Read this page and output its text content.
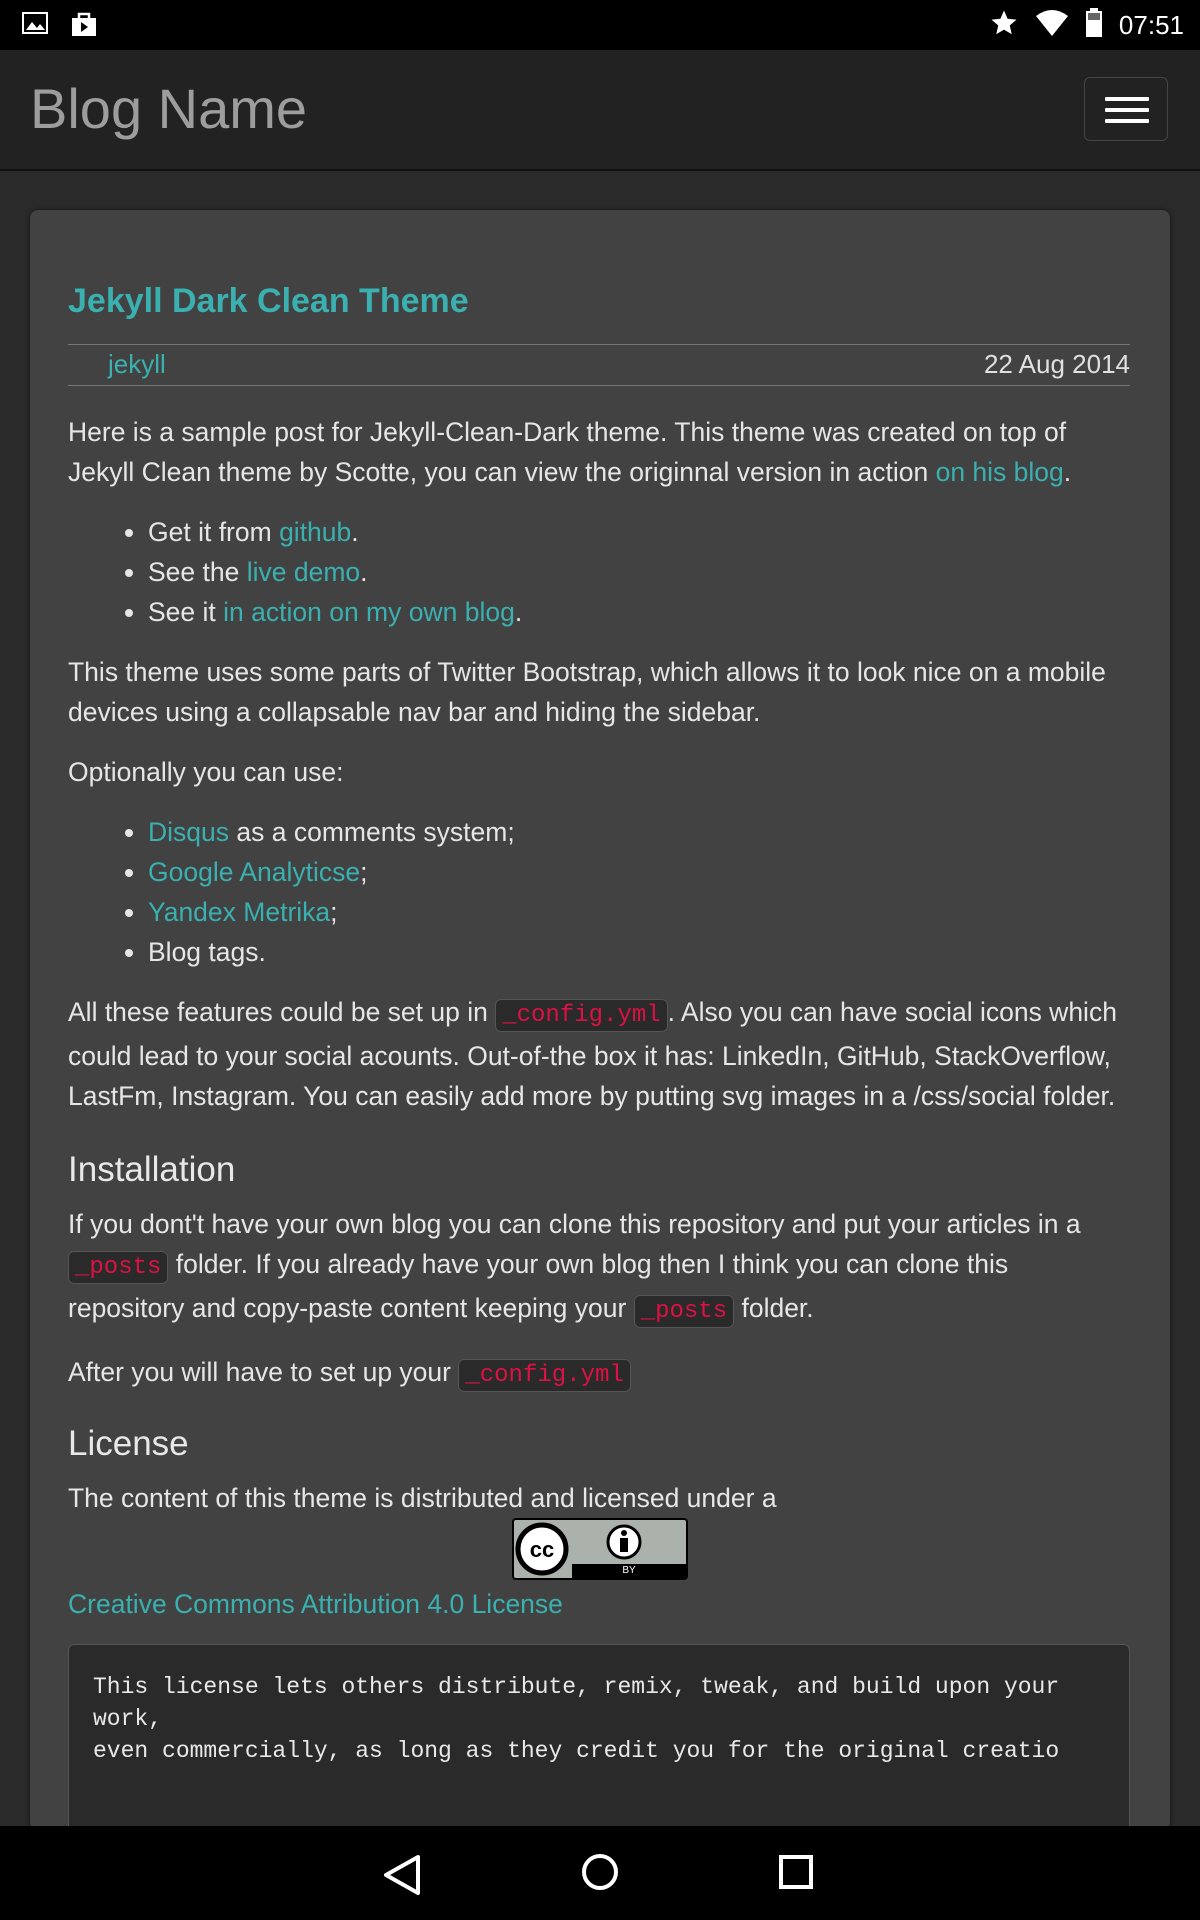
07:51
Blog Name
Jekyll Dark Clean Theme
jekyll	22 Aug 2014

Here is a sample post for Jekyll-Clean-Dark theme. This theme was created on top of Jekyll Clean theme by Scotte, you can view the originnal version in action on his blog.

• Get it from github.
• See the live demo.
• See it in action on my own blog.

This theme uses some parts of Twitter Bootstrap, which allows it to look nice on a mobile devices using a collapsable nav bar and hiding the sidebar.

Optionally you can use:

• Disqus as a comments system;
• Google Analyticse;
• Yandex Metrika;
• Blog tags.

All these features could be set up in _config.yml . Also you can have social icons which could lead to your social acounts. Out-of-the box it has: LinkedIn, GitHub, StackOverflow, LastFm, Instagram. You can easily add more by putting svg images in a /css/social folder.

Installation

If you dont't have your own blog you can clone this repository and put your articles in a _posts folder. If you already have your own blog then I think you can clone this repository and copy-paste content keeping your _posts folder.

After you will have to set up your _config.yml

License

The content of this theme is distributed and licensed under a

cc
BY

Creative Commons Attribution 4.0 License

This license lets others distribute, remix, tweak, and build upon your
work,
even commercially, as long as they credit you for the original creatio
